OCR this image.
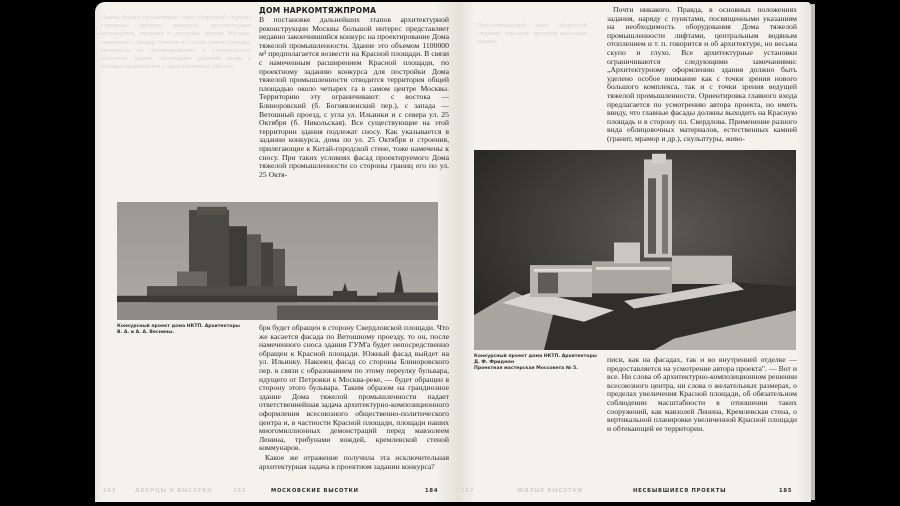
Сквозь бумагу просвечивает текст оборотной стороны страницы: проекты конкурса, архитектурные обсуждения, сведения о застройке центра Москвы, замечания о Дворце Советов и о плане реконструкции, материалы по проектированию и строительству высотных зданий, обсуждение решений жюри и отзывы специалистов о представленных работах.
ДОМ НАРКОМТЯЖПРОМА
В постановке дальнейших этапов архитектурной реконструкции Москвы большой интерес представляет недавно закончившийся конкурс на проектирование Дома тяжелой промышленности. Здание это объемом 1100000 м³ предполагается возвести на Красной площади. В связи с намеченным расширением Красной площади, по проектному заданию конкурса для постройки Дома тяжелой промышленности отводится территория общей площадью около четырех га в самом центре Москвы. Территорию эту ограничивают: с востока — Блиноровский (б. Богоявленский пер.), с запада — Ветошный проезд, с угла ул. Ильинки и с севера ул. 25 Октября (б. Никольская). Все существующие на этой территории здания подлежат сносу. Как указывается в задании конкурса, дома по ул. 25 Октября и строения, прилегающие к Китай-городской стене, тоже намечены к сносу. При таких условиях фасад проектируемого Дома тяжелой промышленности со стороны границ его по ул. 25 Октя-
Конкурсный проект дома НКТП. Архитекторы
В. А. и А. А. Веснины.
бря будет обращен в сторону Свердловской площади. Что же касается фасада по Ветошному проезду, то он, после намеченного сноса здания ГУМ'а будет непосредственно обращен к Красной площади. Южный фасад выйдет на ул. Ильинку. Наконец фасад со стороны Блиноровского пер. в связи с образованием по этому переулку бульвара, идущего от Петровки к Москва-реке, — будет обращен в сторону этого бульвара. Таким образом на грандиозное здание Дома тяжелой промышленности падает ответственнейшая задача архитектурно-композиционного оформления всесоюзного общественно-политического центра и, в частности Красной площади, площади наших многомиллионных демонстраций перед мавзолеем Ленина, трибунами вождей, кремлевской стеной коммунаров.
Какое же отражение получила эта исключительная архитектурная задача в проектном задании конкурса?
183	ДВОРЦЫ И ВЫСОТКИ	182	МОСКОВСКИЕ ВЫСОТКИ	184
Почти никакого. Правда, в основных положениях задания, наряду с пунктами, посвященными указаниям на необходимость оборудования Дома тяжелой промышленности лифтами, центральным водяным отоплением и т. п. говорится и об архитектуре, но весьма скупо и глухо. Все архитектурные установки ограничиваются следующими замечаниями: „Архитектурному оформлению здания должно быть уделено особое внимание как с точки зрения нового большого комплекса, так и с точки зрения ведущей тяжелой промышленности. Ориентировка главного входа предлагается по усмотрению автора проекта, но иметь ввиду, что главные фасады должны выходить на Красную площадь и в сторону пл. Свердлова. Применение разного вида облицовочных материалов, естественных камней (гранит, мрамор и др.), скульптуры, живо-
Просвечивающий текст оборотной стороны: описание проектов высотных зданий.
Конкурсный проект дома НКТП. Архитекторы Д. Ф. Фридман
Проектная мастерская Моссовета № 5.
писи, как на фасадах, так и во внутренней отделке — предоставляется на усмотрение автора проекта". — Вот и все. Ни слова об архитектурно-композиционном решении всесоюзного центра, ни слова о желательных размерах, о пределах увеличения Красной площади, об обязательном соблюдении масштабности в отношении таких сооружений, как мавзолей Ленина, Кремлевская стена, о вертикальной планировке увеличенной Красной площади и обтекающей ее территории.
187	ЖИЛЫЕ ВЫСОТКИ	НЕСБЫВШИЕСЯ ПРОЕКТЫ	185
